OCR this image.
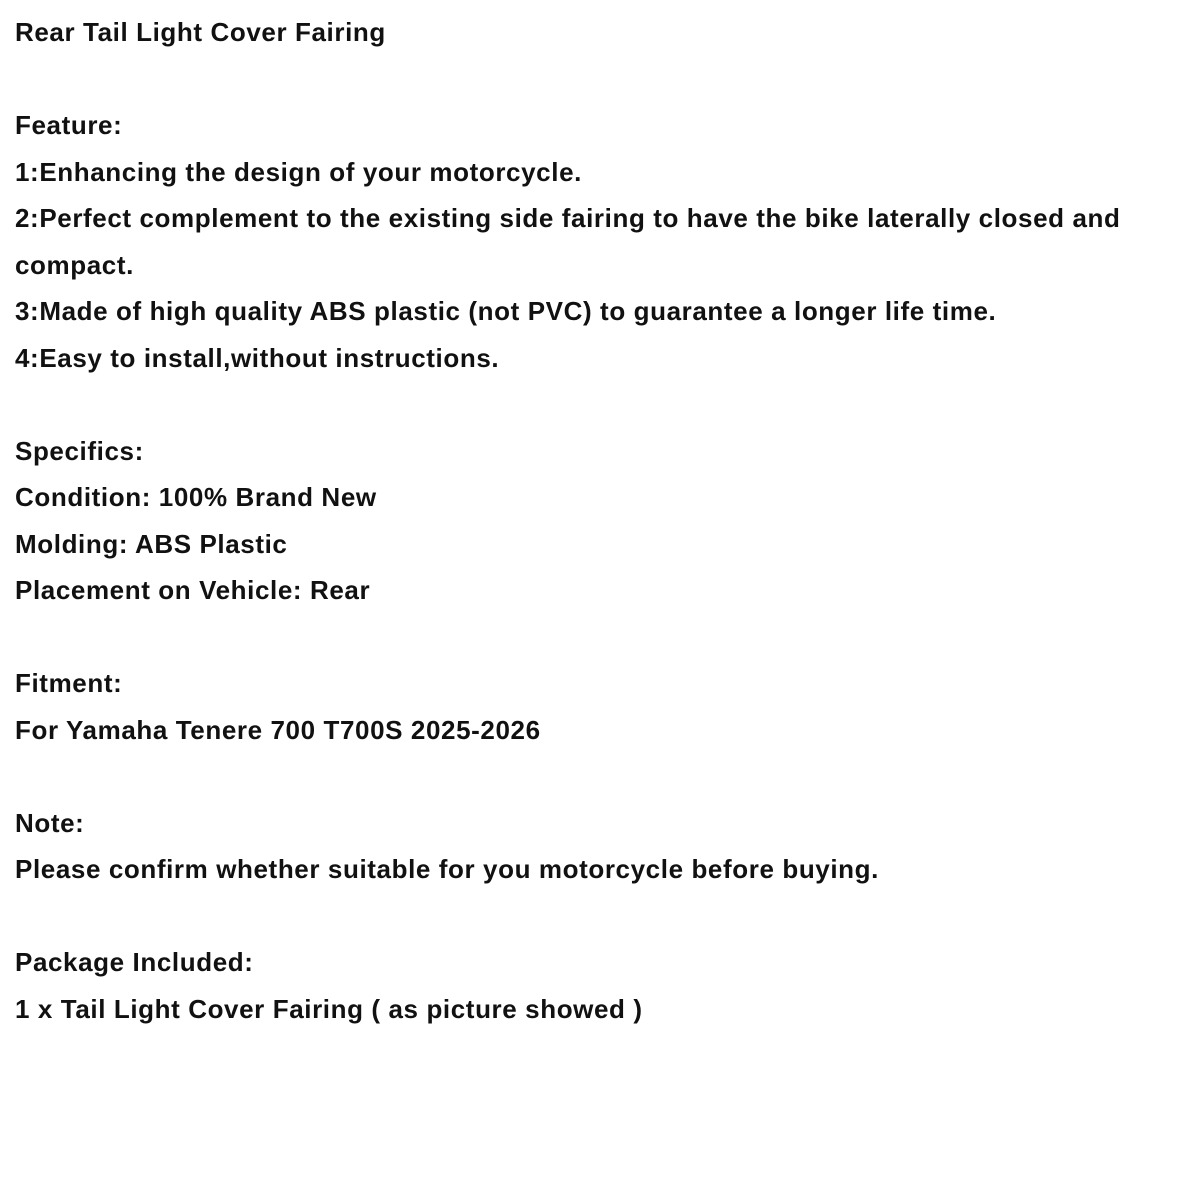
Rear Tail Light Cover Fairing

Feature:

1:Enhancing the design of your motorcycle.

2:Perfect complement to the existing side fairing to have the bike laterally closed and

compact.

3:Made of high quality ABS plastic (not PVC) to guarantee a longer life time.

4:Easy to install,without instructions.

Specifics:

Condition: 100% Brand New

Molding: ABS Plastic

Placement on Vehicle: Rear

Fitment:

For Yamaha Tenere 700 T700S 2025-2026

Note:

Please confirm whether suitable for you motorcycle before buying.

Package Included:

1 x Tail Light Cover Fairing ( as picture showed )
